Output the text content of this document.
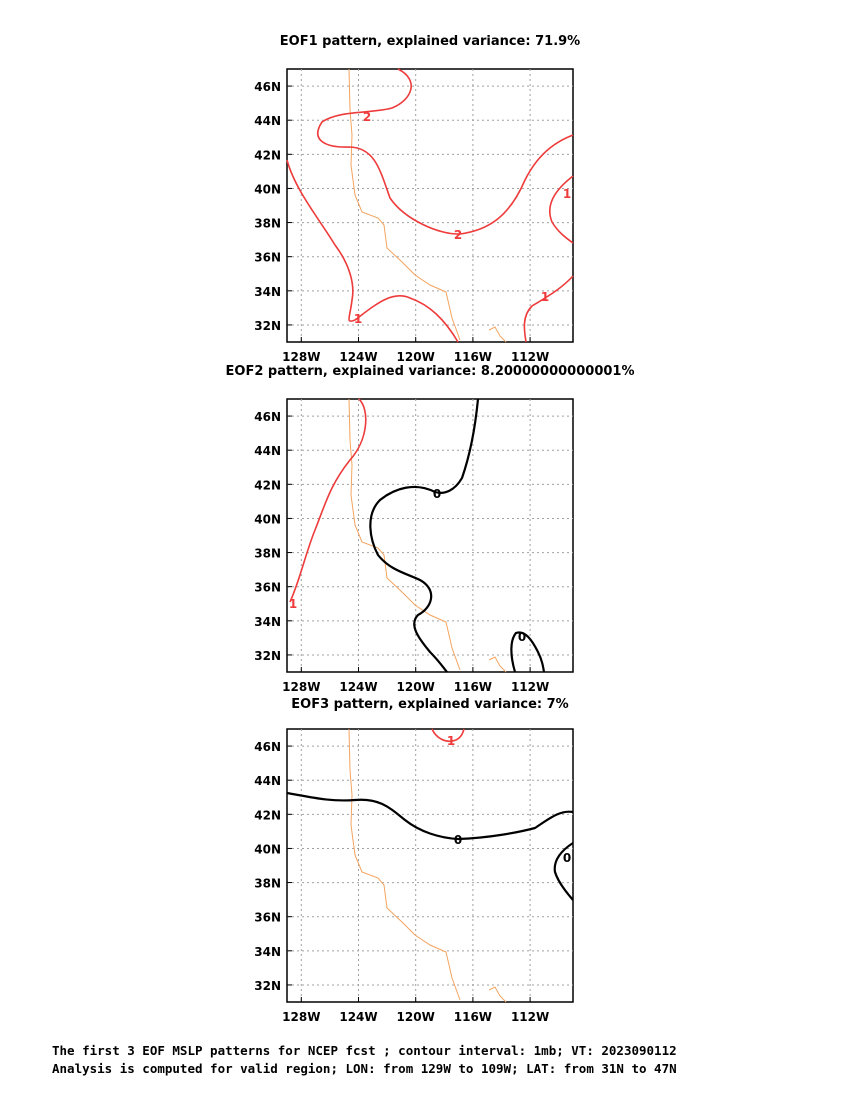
EOF1 pattern, explained variance: 71.9%
EOF2 pattern, explained variance: 8.20000000000001%
EOF3 pattern, explained variance: 7%
128W 124W 120W 116W 112W
46N
44N
42N
40N
38N
36N
34N
32N
2
2
1
1
1
128W 124W 120W 116W 112W
46N
44N
42N
40N
38N
36N
34N
32N
0
0
1
128W 124W 120W 116W 112W
46N
44N
42N
40N
38N
36N
34N
32N
0
0
1
The first 3 EOF MSLP patterns for NCEP fcst ; contour interval: 1mb; VT: 2023090112
Analysis is computed for valid region; LON: from 129W to 109W; LAT: from 31N to 47N
